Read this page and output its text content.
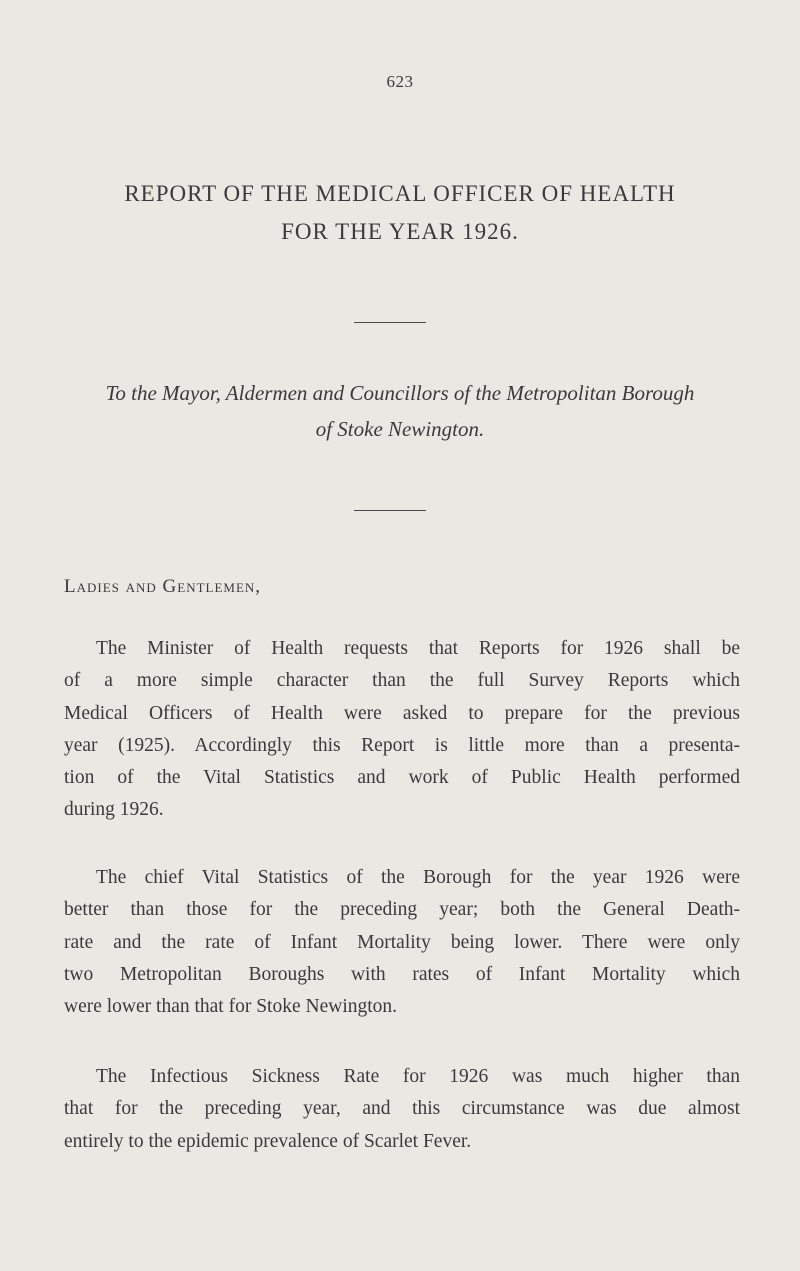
623
REPORT OF THE MEDICAL OFFICER OF HEALTH
FOR THE YEAR 1926.
To the Mayor, Aldermen and Councillors of the Metropolitan Borough
of Stoke Newington.
Ladies and Gentlemen,
The Minister of Health requests that Reports for 1926 shall be
of a more simple character than the full Survey Reports which
Medical Officers of Health were asked to prepare for the previous
year (1925). Accordingly this Report is little more than a presenta-
tion of the Vital Statistics and work of Public Health performed
during 1926.
The chief Vital Statistics of the Borough for the year 1926 were
better than those for the preceding year; both the General Death-
rate and the rate of Infant Mortality being lower. There were only
two Metropolitan Boroughs with rates of Infant Mortality which
were lower than that for Stoke Newington.
The Infectious Sickness Rate for 1926 was much higher than
that for the preceding year, and this circumstance was due almost
entirely to the epidemic prevalence of Scarlet Fever.
